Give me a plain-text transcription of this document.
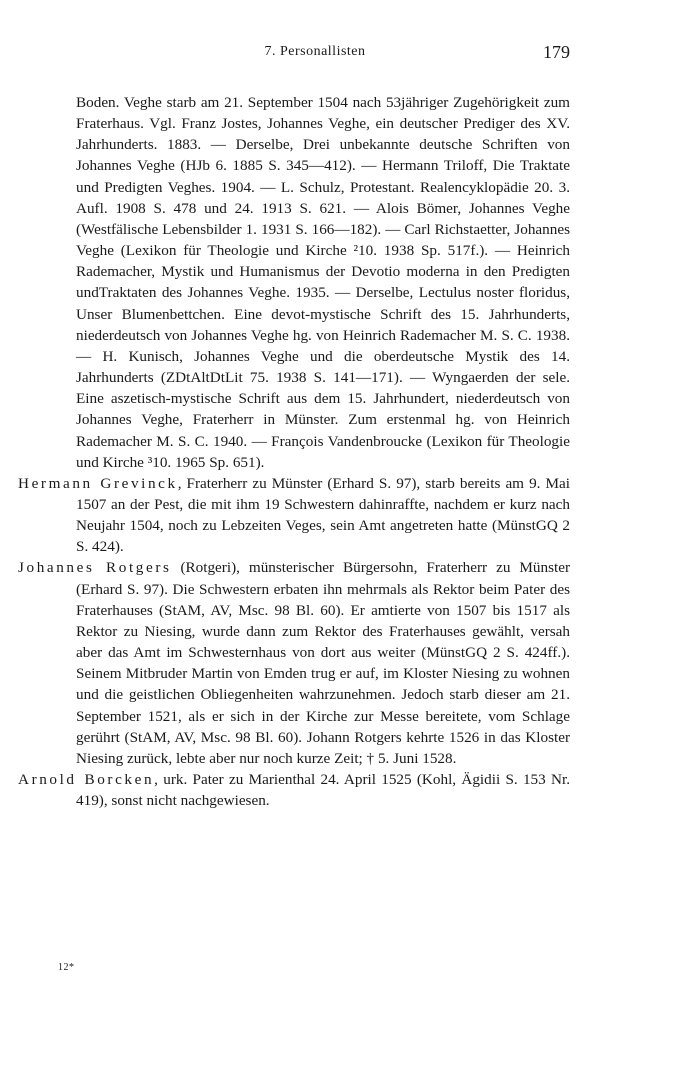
7. Personallisten	179

Boden. Veghe starb am 21. September 1504 nach 53jähriger Zugehörigkeit zum Fraterhaus. Vgl. Franz Jostes, Johannes Veghe, ein deutscher Prediger des XV. Jahrhunderts. 1883. — Derselbe, Drei unbekannte deutsche Schriften von Johannes Veghe (HJb 6. 1885 S. 345—412). — Hermann Triloff, Die Traktate und Predigten Veghes. 1904. — L. Schulz, Protestant. Realencyklopädie 20. 3. Aufl. 1908 S. 478 und 24. 1913 S. 621. — Alois Bömer, Johannes Veghe (Westfälische Lebensbilder 1. 1931 S. 166—182). — Carl Richstaetter, Johannes Veghe (Lexikon für Theologie und Kirche ²10. 1938 Sp. 517f.). — Heinrich Rademacher, Mystik und Humanismus der Devotio moderna in den Predigten undTraktaten des Johannes Veghe. 1935. — Derselbe, Lectulus noster floridus, Unser Blumenbettchen. Eine devot-mystische Schrift des 15. Jahrhunderts, niederdeutsch von Johannes Veghe hg. von Heinrich Rademacher M. S. C. 1938. — H. Kunisch, Johannes Veghe und die oberdeutsche Mystik des 14. Jahrhunderts (ZDtAltDtLit 75. 1938 S. 141—171). — Wyngaerden der sele. Eine aszetisch-mystische Schrift aus dem 15. Jahrhundert, niederdeutsch von Johannes Veghe, Fraterherr in Münster. Zum erstenmal hg. von Heinrich Rademacher M. S. C. 1940. — François Vandenbroucke (Lexikon für Theologie und Kirche ³10. 1965 Sp. 651).

Hermann Grevinck, Fraterherr zu Münster (Erhard S. 97), starb bereits am 9. Mai 1507 an der Pest, die mit ihm 19 Schwestern dahinraffte, nachdem er kurz nach Neujahr 1504, noch zu Lebzeiten Veges, sein Amt angetreten hatte (MünstGQ 2 S. 424).

Johannes Rotgers (Rotgeri), münsterischer Bürgersohn, Fraterherr zu Münster (Erhard S. 97). Die Schwestern erbaten ihn mehrmals als Rektor beim Pater des Fraterhauses (StAM, AV, Msc. 98 Bl. 60). Er amtierte von 1507 bis 1517 als Rektor zu Niesing, wurde dann zum Rektor des Fraterhauses gewählt, versah aber das Amt im Schwesternhaus von dort aus weiter (MünstGQ 2 S. 424ff.). Seinem Mitbruder Martin von Emden trug er auf, im Kloster Niesing zu wohnen und die geistlichen Obliegenheiten wahrzunehmen. Jedoch starb dieser am 21. September 1521, als er sich in der Kirche zur Messe bereitete, vom Schlage gerührt (StAM, AV, Msc. 98 Bl. 60). Johann Rotgers kehrte 1526 in das Kloster Niesing zurück, lebte aber nur noch kurze Zeit; † 5. Juni 1528.

Arnold Borcken, urk. Pater zu Marienthal 24. April 1525 (Kohl, Ägidii S. 153 Nr. 419), sonst nicht nachgewiesen.

12*
